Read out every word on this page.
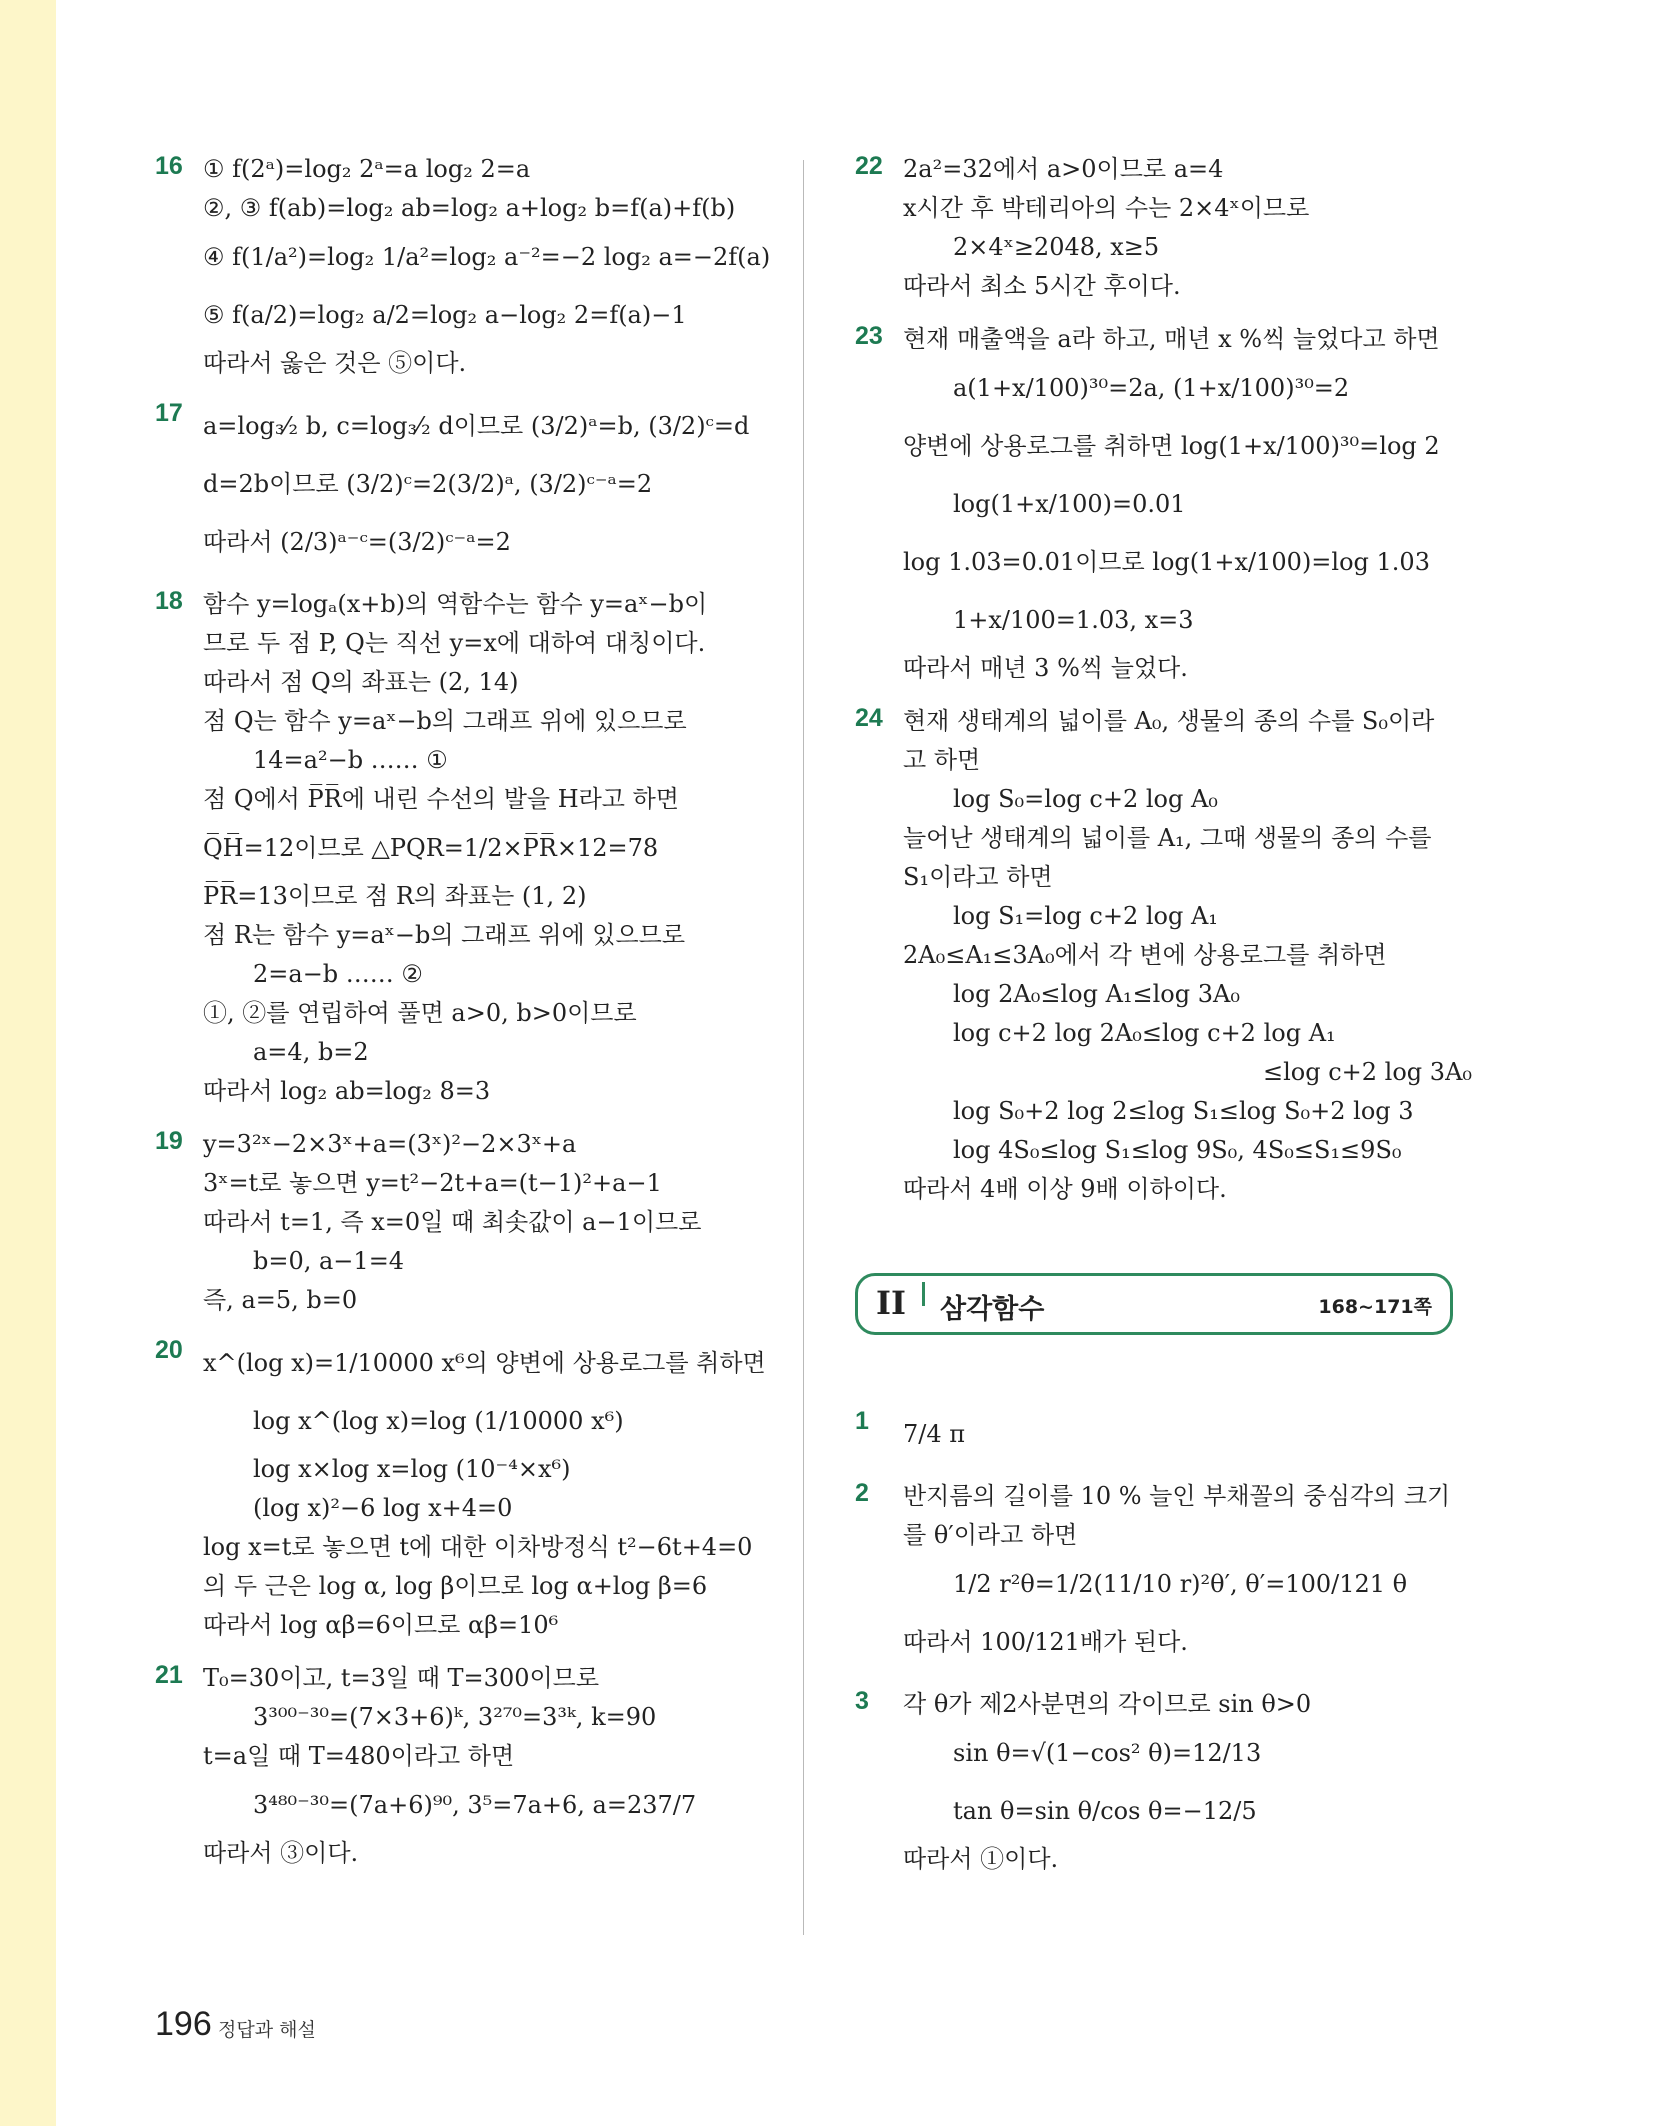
16 ① f(2ᵃ)=log₂ 2ᵃ=a log₂ 2=a
②, ③ f(ab)=log₂ ab=log₂ a+log₂ b=f(a)+f(b)
④ f(1/a²)=log₂ 1/a²=log₂ a⁻²=−2 log₂ a=−2f(a)
⑤ f(a/2)=log₂ a/2=log₂ a−log₂ 2=f(a)−1
따라서 옳은 것은 ⑤이다.
17 a=log₃⁄₂ b, c=log₃⁄₂ d이므로 (3/2)ᵃ=b, (3/2)ᶜ=d
d=2b이므로 (3/2)ᶜ=2(3/2)ᵃ, (3/2)ᶜ⁻ᵃ=2
따라서 (2/3)ᵃ⁻ᶜ=(3/2)ᶜ⁻ᵃ=2
18 함수 y=logₐ(x+b)의 역함수는 함수 y=aˣ−b이
므로 두 점 P, Q는 직선 y=x에 대하여 대칭이다.
따라서 점 Q의 좌표는 (2, 14)
점 Q는 함수 y=aˣ−b의 그래프 위에 있으므로
14=a²−b …… ①
점 Q에서 P̅R̅에 내린 수선의 발을 H라고 하면
Q̅H̅=12이므로 △PQR=1/2×P̅R̅×12=78
P̅R̅=13이므로 점 R의 좌표는 (1, 2)
점 R는 함수 y=aˣ−b의 그래프 위에 있으므로
2=a−b …… ②
①, ②를 연립하여 풀면 a>0, b>0이므로
a=4, b=2
따라서 log₂ ab=log₂ 8=3
19 y=3²ˣ−2×3ˣ+a=(3ˣ)²−2×3ˣ+a
3ˣ=t로 놓으면 y=t²−2t+a=(t−1)²+a−1
따라서 t=1, 즉 x=0일 때 최솟값이 a−1이므로
b=0, a−1=4
즉, a=5, b=0
20 x^(log x)=1/10000 x⁶의 양변에 상용로그를 취하면
log x^(log x)=log (1/10000 x⁶)
log x×log x=log (10⁻⁴×x⁶)
(log x)²−6 log x+4=0
log x=t로 놓으면 t에 대한 이차방정식 t²−6t+4=0
의 두 근은 log α, log β이므로 log α+log β=6
따라서 log αβ=6이므로 αβ=10⁶
21 T₀=30이고, t=3일 때 T=300이므로
3³⁰⁰⁻³⁰=(7×3+6)ᵏ, 3²⁷⁰=3³ᵏ, k=90
t=a일 때 T=480이라고 하면
3⁴⁸⁰⁻³⁰=(7a+6)⁹⁰, 3⁵=7a+6, a=237/7
따라서 ③이다.
22 2a²=32에서 a>0이므로 a=4
x시간 후 박테리아의 수는 2×4ˣ이므로
2×4ˣ≥2048, x≥5
따라서 최소 5시간 후이다.
23 현재 매출액을 a라 하고, 매년 x %씩 늘었다고 하면
a(1+x/100)³⁰=2a, (1+x/100)³⁰=2
양변에 상용로그를 취하면 log(1+x/100)³⁰=log 2
log(1+x/100)=0.01
log 1.03=0.01이므로 log(1+x/100)=log 1.03
1+x/100=1.03, x=3
따라서 매년 3 %씩 늘었다.
24 현재 생태계의 넓이를 A₀, 생물의 종의 수를 S₀이라
고 하면
log S₀=log c+2 log A₀
늘어난 생태계의 넓이를 A₁, 그때 생물의 종의 수를
S₁이라고 하면
log S₁=log c+2 log A₁
2A₀≤A₁≤3A₀에서 각 변에 상용로그를 취하면
log 2A₀≤log A₁≤log 3A₀
log c+2 log 2A₀≤log c+2 log A₁
≤log c+2 log 3A₀
log S₀+2 log 2≤log S₁≤log S₀+2 log 3
log 4S₀≤log S₁≤log 9S₀, 4S₀≤S₁≤9S₀
따라서 4배 이상 9배 이하이다.
II 삼각함수	168~171쪽
1 7/4 π
2 반지름의 길이를 10 % 늘인 부채꼴의 중심각의 크기
를 θ′이라고 하면
1/2 r²θ=1/2(11/10 r)²θ′, θ′=100/121 θ
따라서 100/121배가 된다.
3 각 θ가 제2사분면의 각이므로 sin θ>0
sin θ=√(1−cos² θ)=12/13
tan θ=sin θ/cos θ=−12/5
따라서 ①이다.
196 정답과 해설
